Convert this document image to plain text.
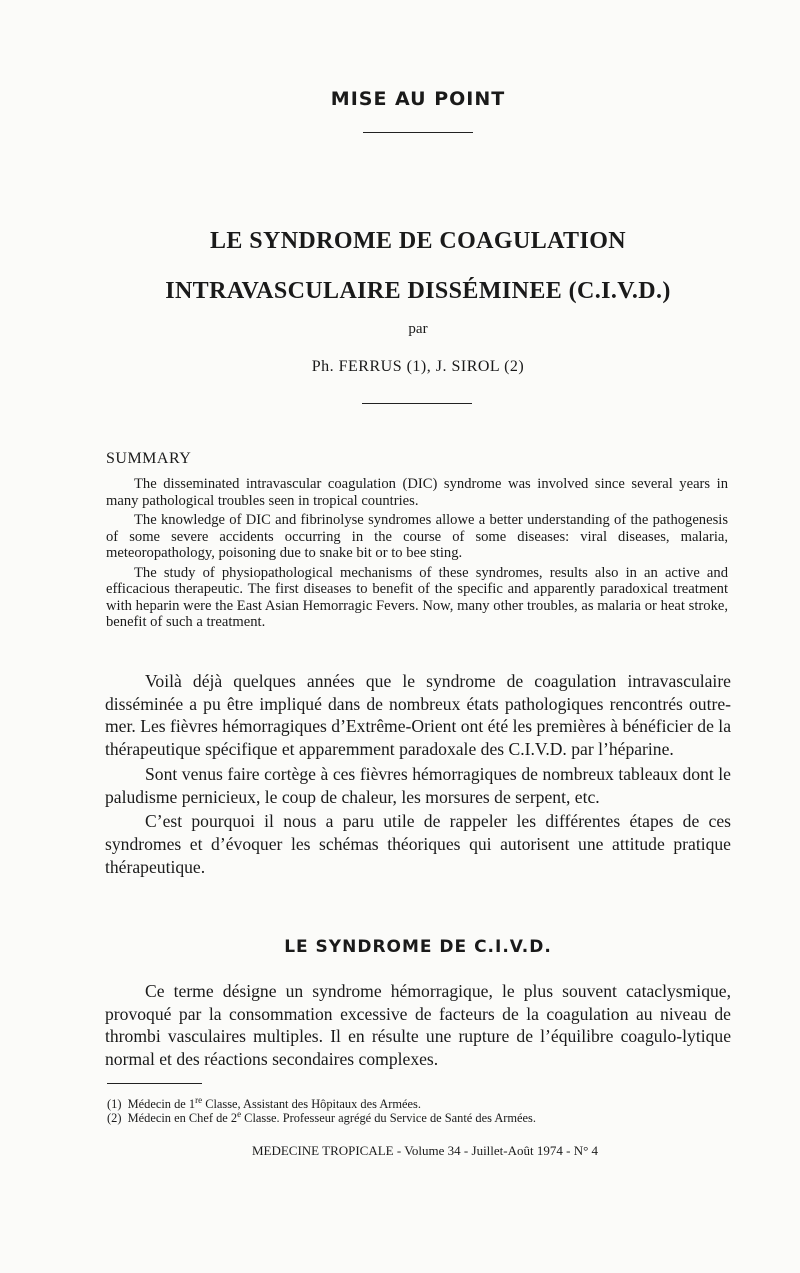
MISE AU POINT
LE SYNDROME DE COAGULATION
INTRAVASCULAIRE DISSÉMINEE (C.I.V.D.)
par
Ph. FERRUS (1), J. SIROL (2)
SUMMARY

The disseminated intravascular coagulation (DIC) syndrome was involved since several years in many pathological troubles seen in tropical countries.

The knowledge of DIC and fibrinolyse syndromes allowe a better understanding of the pathogenesis of some severe accidents occurring in the course of some diseases: viral diseases, malaria, meteoropathology, poisoning due to snake bit or to bee sting.

The study of physiopathological mechanisms of these syndromes, results also in an active and efficacious therapeutic. The first diseases to benefit of the specific and apparently paradoxical treatment with heparin were the East Asian Hemorragic Fevers. Now, many other troubles, as malaria or heat stroke, benefit of such a treatment.

Voilà déjà quelques années que le syndrome de coagulation intravasculaire disséminée a pu être impliqué dans de nombreux états pathologiques rencontrés outre-mer. Les fièvres hémorragiques d’Extrême-Orient ont été les premières à bénéficier de la thérapeutique spécifique et apparemment paradoxale des C.I.V.D. par l’héparine.

Sont venus faire cortège à ces fièvres hémorragiques de nombreux tableaux dont le paludisme pernicieux, le coup de chaleur, les morsures de serpent, etc.

C’est pourquoi il nous a paru utile de rappeler les différentes étapes de ces syndromes et d’évoquer les schémas théoriques qui autorisent une attitude pratique thérapeutique.

LE SYNDROME DE C.I.V.D.

Ce terme désigne un syndrome hémorragique, le plus souvent cataclysmique, provoqué par la consommation excessive de facteurs de la coagulation au niveau de thrombi vasculaires multiples. Il en résulte une rupture de l’équilibre coagulo-lytique normal et des réactions secondaires complexes.

(1) Médecin de 1re Classe, Assistant des Hôpitaux des Armées.
(2) Médecin en Chef de 2e Classe. Professeur agrégé du Service de Santé des Armées.
MEDECINE TROPICALE - Volume 34 - Juillet-Août 1974 - N° 4
